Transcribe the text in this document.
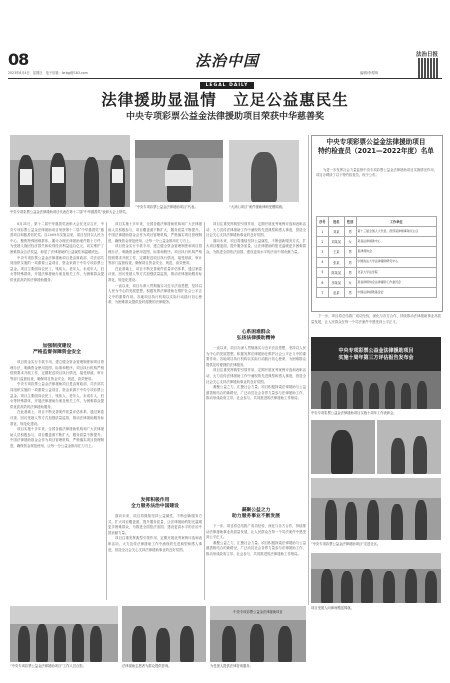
08
2023年6月4日　星期日　电子信箱：fzrbgj@163.com
法治中国
LEGAL DAILY
编辑/李煜琦
法治日报
法律援助显温情　立足公益惠民生
中央专项彩票公益金法律援助项目荣获中华慈善奖
中央专项彩票公益金法律援助项目代表在第十二届“中华慈善奖”表彰大会上领奖。
“中央专项彩票公益金法律援助项目”代表。	“大凉山项目”案件援助律师受赠锦旗。
中央专项彩票公益金法律援助项目
特约检查员（2021—2022年度）名单
为进一步发挥社会力量监督中央专项彩票公益金法律援助项目实施情况作用，项目办聘请了以下特约检查员，现予公布。
序号	姓名	性别	工作单位
1	刘某	男	第十三届全国人大代表、西部某律师事务所主任
2	刘某某	女	某省法律援助中心
3	王某	男	某律师协会
4	张某	男	中国政法大学法律援助研究中心
5	陈某某	男	北京大学法学院
6	李某某	女	某省律师协会法律援助工作委员会
7	赵某	男	中国法律援助基金会

8月31日，第十二届中华慈善奖表彰大会在北京召开，中央专项彩票公益金法律援助项目荣获第十二届“中华慈善奖”慈善项目和慈善信托奖。自2009年实施以来，项目坚持以人民为中心，聚焦特殊困难群体，累计办理法律援助案件数十万件，为受援人挽回经济损失和取得经济利益逾百亿元，切实维护了困难群众合法权益，彰显了法律援助的公益属性和温暖底色。

中央专项彩票公益金法律援助项目是由财政部、司法部共同组织实施的一项重要公益项目，资金来源于中央专项彩票公益金。项目主要面向农民工、残疾人、老年人、未成年人、妇女等特殊群体，开展法律援助办案及相关工作，为困难群众提供优质高效的法律援助服务。

项目实施十多年来，全国各级法律援助机构和广大法律援助人员积极参与，项目覆盖面不断扩大，服务质量不断提升。中国法律援助基金会作为项目管理机构，严格落实项目管理制度，确保资金规范使用，让每一分公益金都用在刀刃上。

项目资金实行专款专用，建立健全资金管理制度和项目管理办法，明确资金使用范围、标准和程序。项目执行机构严格按照要求开展工作，定期报送项目执行情况，接受财政、审计等部门监督检查，确保项目资金安全、规范、高效使用。

在此基础上，项目不断完善案件质量评估体系，通过案卷评查、回访受援人等方式加强质量监管，推动法律援助服务标准化、规范化建设。

一直以来，项目办深入贯彻落实习近平法治思想，坚持以人民为中心的发展思想，积极发挥法律援助在维护社会公平正义中的重要作用。各地项目执行机构以实际行动践行初心使命，为困难群众提供及时便捷的法律服务。

项目注重发挥典型引领作用，定期开展优秀案例评选和表彰活动，大力宣传法律援助工作中涌现的先进典型和感人事迹，营造全社会关心支持法律援助事业的良好氛围。

面向未来，项目将继续坚持公益属性，不断创新服务方式，扩大项目覆盖面，提升服务质量，让法律援助的阳光温暖更多困难群众，为推进全面依法治国、建设更高水平的法治中国贡献力量。

加强制度建设
严格监督保障资金安全

项目资金实行专款专用，建立健全资金管理制度和项目管理办法，明确资金使用范围、标准和程序。项目执行机构严格按照要求开展工作，定期报送项目执行情况，接受财政、审计等部门监督检查，确保项目资金安全、规范、高效使用。

中央专项彩票公益金法律援助项目是由财政部、司法部共同组织实施的一项重要公益项目，资金来源于中央专项彩票公益金。项目主要面向农民工、残疾人、老年人、未成年人、妇女等特殊群体，开展法律援助办案及相关工作，为困难群众提供优质高效的法律援助服务。

在此基础上，项目不断完善案件质量评估体系，通过案卷评查、回访受援人等方式加强质量监管，推动法律援助服务标准化、规范化建设。

项目实施十多年来，全国各级法律援助机构和广大法律援助人员积极参与，项目覆盖面不断扩大，服务质量不断提升。中国法律援助基金会作为项目管理机构，严格落实项目管理制度，确保资金规范使用，让每一分公益金都用在刀刃上。

发挥积极作用
全力服务法治中国建设

面向未来，项目将继续坚持公益属性，不断创新服务方式，扩大项目覆盖面，提升服务质量，让法律援助的阳光温暖更多困难群众，为推进全面依法治国、建设更高水平的法治中国贡献力量。

项目注重发挥典型引领作用，定期开展优秀案例评选和表彰活动，大力宣传法律援助工作中涌现的先进典型和感人事迹，营造全社会关心支持法律援助事业的良好氛围。

心系困难群众
弘扬法律援助精神

一直以来，项目办深入贯彻落实习近平法治思想，坚持以人民为中心的发展思想，积极发挥法律援助在维护社会公平正义中的重要作用。各地项目执行机构以实际行动践行初心使命，为困难群众提供及时便捷的法律服务。

项目注重发挥典型引领作用，定期开展优秀案例评选和表彰活动，大力宣传法律援助工作中涌现的先进典型和感人事迹，营造全社会关心支持法律援助事业的良好氛围。

凝聚公益之力，汇聚社会力量。项目积极探索法律援助与公益慈善相结合的新路径，广泛动员社会各界力量参与法律援助工作，推动形成政府主导、社会参与、共同推进的法律援助工作格局。

凝聚公益之力
助力服务事业不断发展

下一步，项目将总结推广成功经验，深化与各方合作，持续推动法律援助事业高质量发展，让人民群众在每一个司法案件中感受到公平正义。

凝聚公益之力，汇聚社会力量。项目积极探索法律援助与公益慈善相结合的新路径，广泛动员社会各界力量参与法律援助工作，推动形成政府主导、社会参与、共同推进的法律援助工作格局。

下一步，项目将总结推广成功经验，深化与各方合作，持续推动法律援助事业高质量发展，让人民群众在每一个司法案件中感受到公平正义。

中央专项彩票公益金法律援助项目
实施十周年第三方评估报告发布会
中央专项彩票公益金法律援助项目实施十周年工作表彰会。
“中央专项彩票公益金法律援助项目”走进社区。
“中央专项彩票公益金法律援助项目”工作人员合影。	法律援助志愿者为群众提供咨询。
中央专项彩票公益金法律援助项目
为受援人提供法律咨询服务。
项目受援人向律师赠送锦旗。
